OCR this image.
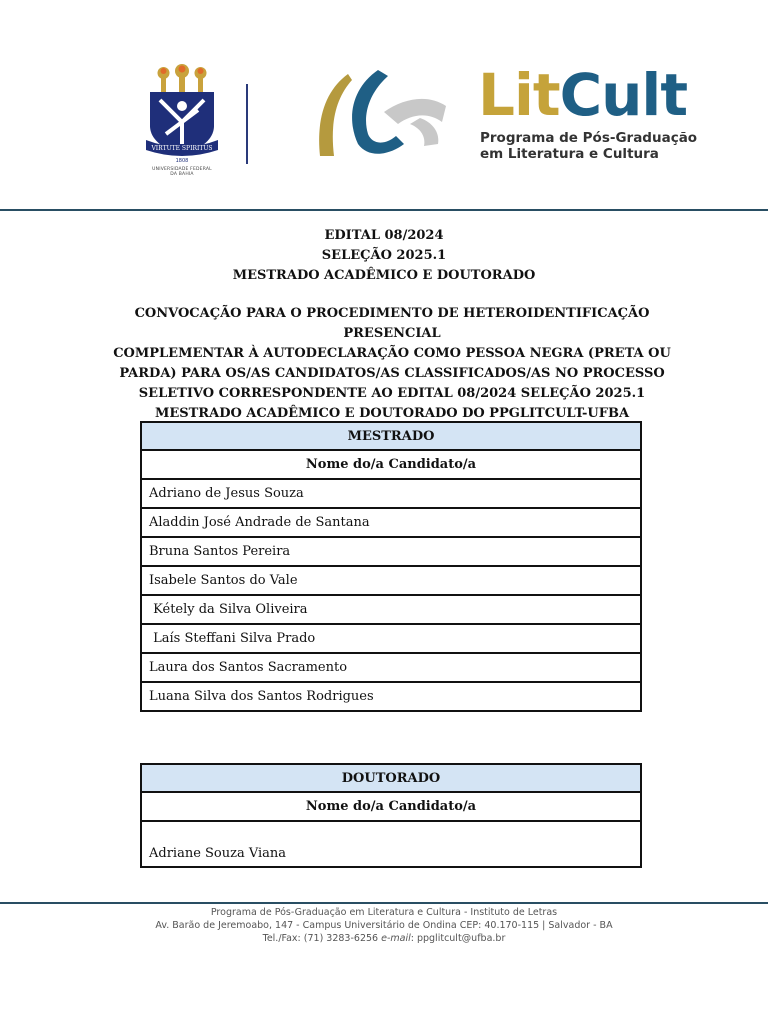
VIRTUTE SPIRITUS
1808
UNIVERSIDADE FEDERAL DA BAHIA
LitCult
Programa de Pós-Graduação
em Literatura e Cultura
EDITAL 08/2024
SELEÇÃO 2025.1
MESTRADO ACADÊMICO E DOUTORADO
CONVOCAÇÃO PARA O PROCEDIMENTO DE HETEROIDENTIFICAÇÃO PRESENCIAL
COMPLEMENTAR À AUTODECLARAÇÃO COMO PESSOA NEGRA (PRETA OU
PARDA) PARA OS/AS CANDIDATOS/AS CLASSIFICADOS/AS NO PROCESSO
SELETIVO CORRESPONDENTE AO EDITAL 08/2024 SELEÇÃO 2025.1
MESTRADO ACADÊMICO E DOUTORADO DO PPGLITCULT-UFBA
MESTRADO
Nome do/a Candidato/a
Adriano de Jesus Souza
Aladdin José Andrade de Santana
Bruna Santos Pereira
Isabele Santos do Vale
Kétely da Silva Oliveira
Laís Steffani Silva Prado
Laura dos Santos Sacramento
Luana Silva dos Santos Rodrigues
DOUTORADO
Nome do/a Candidato/a
Adriane Souza Viana
Programa de Pós-Graduação em Literatura e Cultura - Instituto de Letras
Av. Barão de Jeremoabo, 147 - Campus Universitário de Ondina CEP: 40.170-115 | Salvador - BA
Tel./Fax: (71) 3283-6256 e-mail: ppglitcult@ufba.br
